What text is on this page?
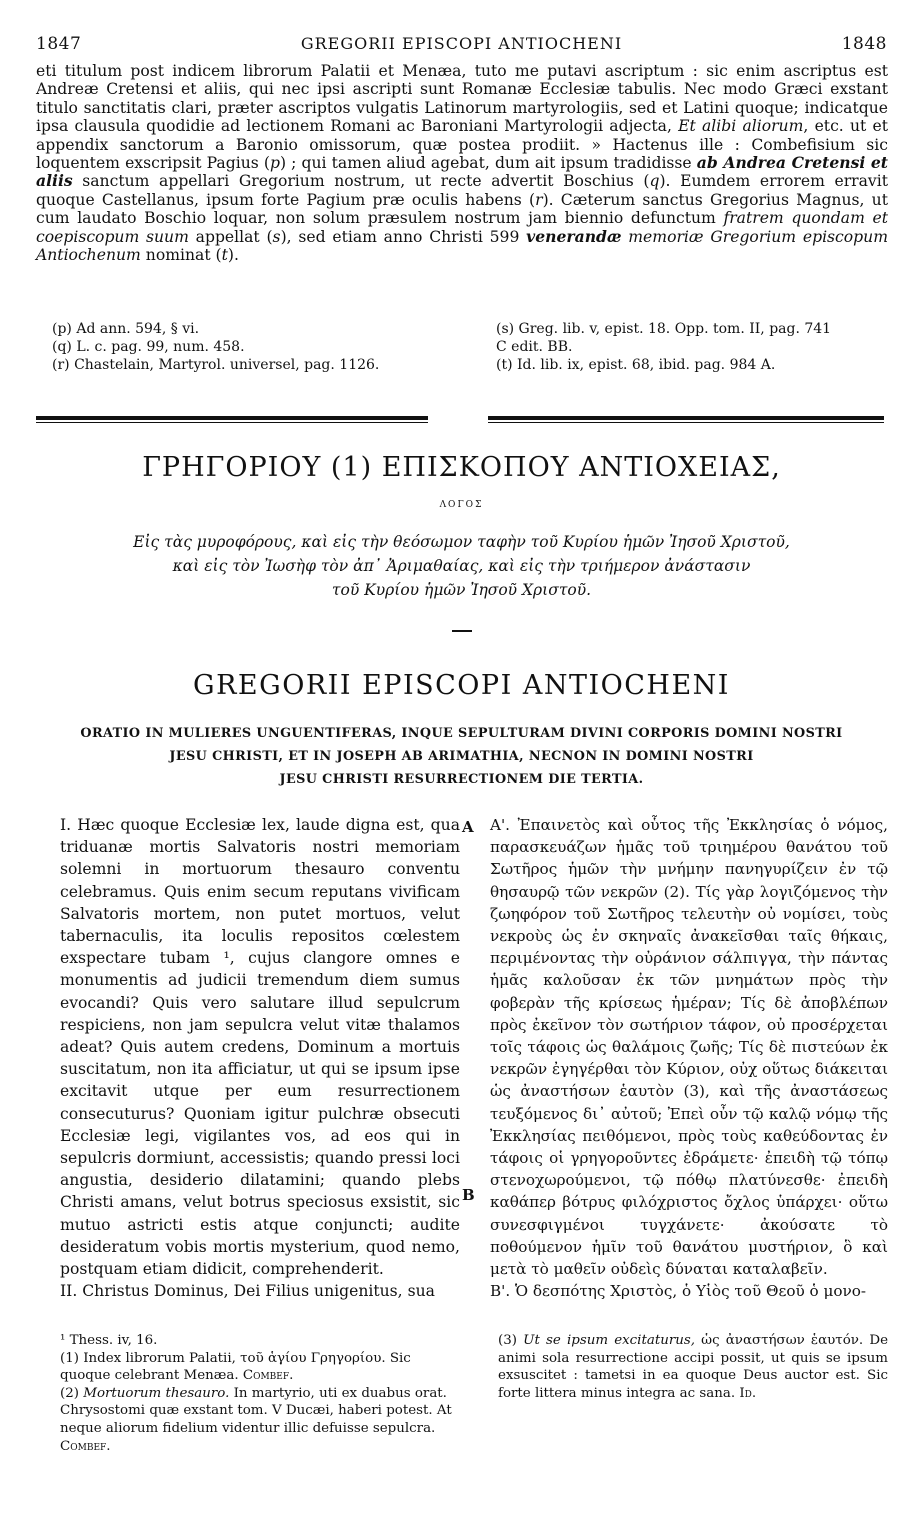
1847	GREGORII EPISCOPI ANTIOCHENI	1848

eti titulum post indicem librorum Palatii et Menæa, tuto me putavi ascriptum : sic enim ascriptus est Andreæ Cretensi et aliis, qui nec ipsi ascripti sunt Romanæ Ecclesiæ tabulis. Nec modo Græci exstant titulo sanctitatis clari, præter ascriptos vulgatis Latinorum martyrologiis, sed et Latini quoque; indicatque ipsa clausula quodidie ad lectionem Romani ac Baroniani Martyrologii adjecta, Et alibi aliorum, etc. ut et appendix sanctorum a Baronio omissorum, quæ postea prodiit. » Hactenus ille : Combefisium sic loquentem exscripsit Pagius (p) ; qui tamen aliud agebat, dum ait ipsum tradidisse ab Andrea Cretensi et aliis sanctum appellari Gregorium nostrum, ut recte advertit Boschius (q). Eumdem errorem erravit quoque Castellanus, ipsum forte Pagium præ oculis habens (r). Cæterum sanctus Gregorius Magnus, ut cum laudato Boschio loquar, non solum præsulem nostrum jam biennio defunctum fratrem quondam et coepiscopum suum appellat (s), sed etiam anno Christi 599 venerandæ memoriæ Gregorium episcopum Antiochenum nominat (t).

(p) Ad ann. 594, § vi.
(q) L. c. pag. 99, num. 458.
(r) Chastelain, Martyrol. universel, pag. 1126.
(s) Greg. lib. v, epist. 18. Opp. tom. II, pag. 741
C edit. BB.
(t) Id. lib. ix, epist. 68, ibid. pag. 984 A.
ΓΡΗΓΟΡΙΟΥ (1) ΕΠΙΣΚΟΠΟΥ ΑΝΤΙΟΧΕΙΑΣ,
ΛΟΓΟΣ
Εἰς τὰς μυροφόρους, καὶ εἰς τὴν θεόσωμον ταφὴν τοῦ Κυρίου ἡμῶν Ἰησοῦ Χριστοῦ,
καὶ εἰς τὸν Ἰωσὴφ τὸν ἀπ᾽ Ἀριμαθαίας, καὶ εἰς τὴν τριήμερον ἀνάστασιν
τοῦ Κυρίου ἡμῶν Ἰησοῦ Χριστοῦ.
GREGORII EPISCOPI ANTIOCHENI
ORATIO IN MULIERES UNGUENTIFERAS, INQUE SEPULTURAM DIVINI CORPORIS DOMINI NOSTRI
JESU CHRISTI, ET IN JOSEPH AB ARIMATHIA, NECNON IN DOMINI NOSTRI
JESU CHRISTI RESURRECTIONEM DIE TERTIA.

I. Hæc quoque Ecclesiæ lex, laude digna est, qua triduanæ mortis Salvatoris nostri memoriam solemni in mortuorum thesauro conventu celebramus. Quis enim secum reputans vivificam Salvatoris mortem, non putet mortuos, velut tabernaculis, ita loculis repositos cœlestem exspectare tubam ¹, cujus clangore omnes e monumentis ad judicii tremendum diem sumus evocandi? Quis vero salutare illud sepulcrum respiciens, non jam sepulcra velut vitæ thalamos adeat? Quis autem credens, Dominum a mortuis suscitatum, non ita afficiatur, ut qui se ipsum ipse excitavit utque per eum resurrectionem consecuturus? Quoniam igitur pulchræ obsecuti Ecclesiæ legi, vigilantes vos, ad eos qui in sepulcris dormiunt, accessistis; quando pressi loci angustia, desiderio dilatamini; quando plebs Christi amans, velut botrus speciosus exsistit, sic mutuo astricti estis atque conjuncti; audite desideratum vobis mortis mysterium, quod nemo, postquam etiam didicit, comprehenderit.

II. Christus Dominus, Dei Filius unigenitus, sua

A
B

Α'. Ἐπαινετὸς καὶ οὗτος τῆς Ἐκκλησίας ὁ νόμος, παρασκευάζων ἡμᾶς τοῦ τριημέρου θανάτου τοῦ Σωτῆρος ἡμῶν τὴν μνήμην πανηγυρίζειν ἐν τῷ θησαυρῷ τῶν νεκρῶν (2). Τίς γὰρ λογιζόμενος τὴν ζωηφόρον τοῦ Σωτῆρος τελευτὴν οὐ νομίσει, τοὺς νεκροὺς ὡς ἐν σκηναῖς ἀνακεῖσθαι ταῖς θήκαις, περιμένοντας τὴν οὐράνιον σάλπιγγα, τὴν πάντας ἡμᾶς καλοῦσαν ἐκ τῶν μνημάτων πρὸς τὴν φοβερὰν τῆς κρίσεως ἡμέραν; Τίς δὲ ἀποβλέπων πρὸς ἐκεῖνον τὸν σωτήριον τάφον, οὐ προσέρχεται τοῖς τάφοις ὡς θαλάμοις ζωῆς; Τίς δὲ πιστεύων ἐκ νεκρῶν ἐγηγέρθαι τὸν Κύριον, οὐχ οὕτως διάκειται ὡς ἀναστήσων ἑαυτὸν (3), καὶ τῆς ἀναστάσεως τευξόμενος δι᾽ αὐτοῦ; Ἐπεὶ οὖν τῷ καλῷ νόμῳ τῆς Ἐκκλησίας πειθόμενοι, πρὸς τοὺς καθεύδοντας ἐν τάφοις οἱ γρηγοροῦντες ἐδράμετε· ἐπειδὴ τῷ τόπῳ στενοχωρούμενοι, τῷ πόθῳ πλατύνεσθε· ἐπειδὴ καθάπερ βότρυς φιλόχριστος ὄχλος ὑπάρχει· οὕτω συνεσφιγμένοι τυγχάνετε· ἀκούσατε τὸ ποθούμενον ἡμῖν τοῦ θανάτου μυστήριον, ὃ καὶ μετὰ τὸ μαθεῖν οὐδεὶς δύναται καταλαβεῖν.

Β'. Ὁ δεσπότης Χριστὸς, ὁ Υἱὸς τοῦ Θεοῦ ὁ μονο-

¹ Thess. iv, 16.

(1) Index librorum Palatii, τοῦ ἁγίου Γρηγορίου. Sic quoque celebrant Menæa. Combef.

(2) Mortuorum thesauro. In martyrio, uti ex duabus orat. Chrysostomi quæ exstant tom. V Ducæi, haberi potest. At neque aliorum fidelium videntur illic defuisse sepulcra. Combef.

(3) Ut se ipsum excitaturus, ὡς ἀναστήσων ἑαυτόν. De animi sola resurrectione accipi possit, ut quis se ipsum exsuscitet : tametsi in ea quoque Deus auctor est. Sic forte littera minus integra ac sana. Id.
